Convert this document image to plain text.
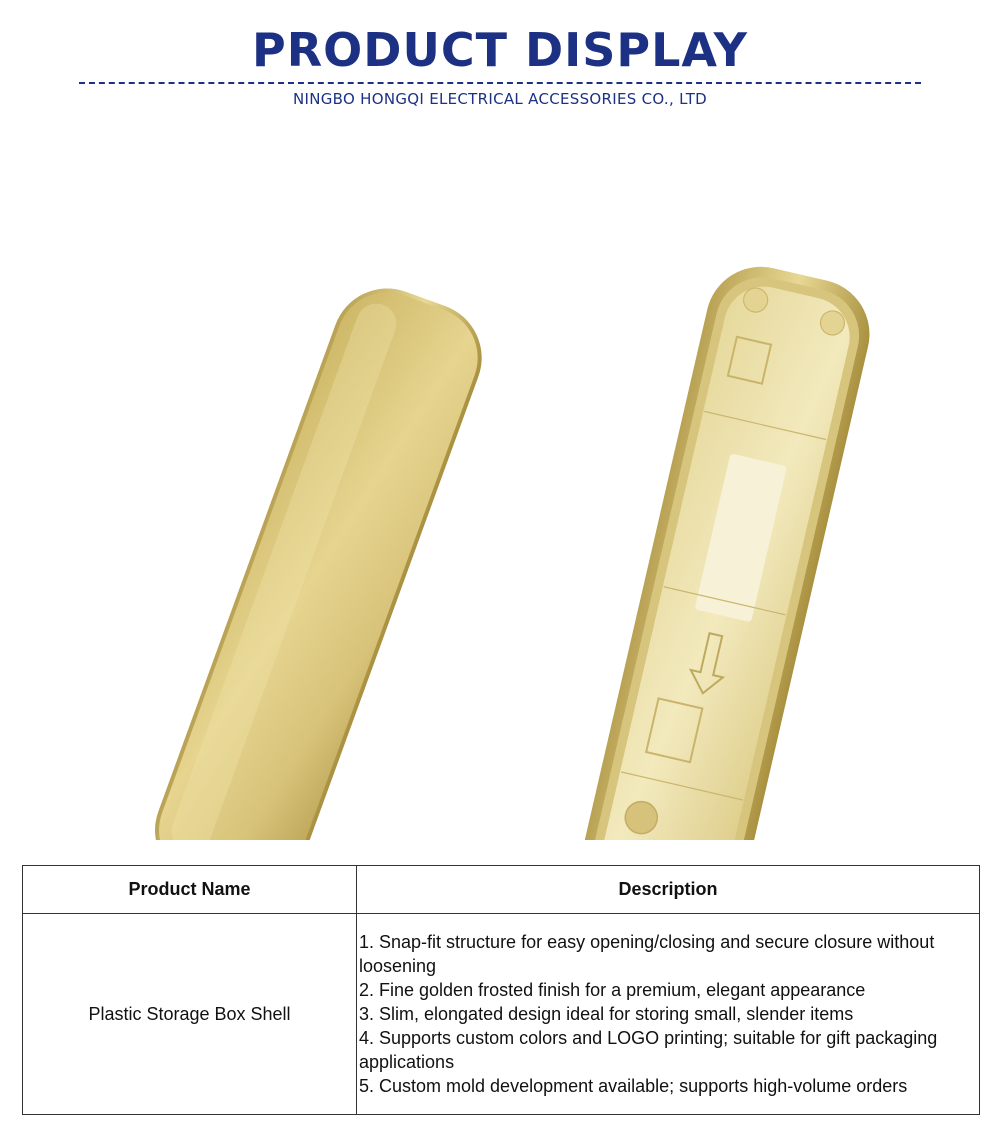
PRODUCT DISPLAY
NINGBO HONGQI ELECTRICAL ACCESSORIES CO., LTD
Product Name	Description
Plastic Storage Box Shell	1. Snap-fit structure for easy opening/closing and secure closure without loosening
2. Fine golden frosted finish for a premium, elegant appearance
3. Slim, elongated design ideal for storing small, slender items
4. Supports custom colors and LOGO printing; suitable for gift packaging applications
5. Custom mold development available; supports high-volume orders
